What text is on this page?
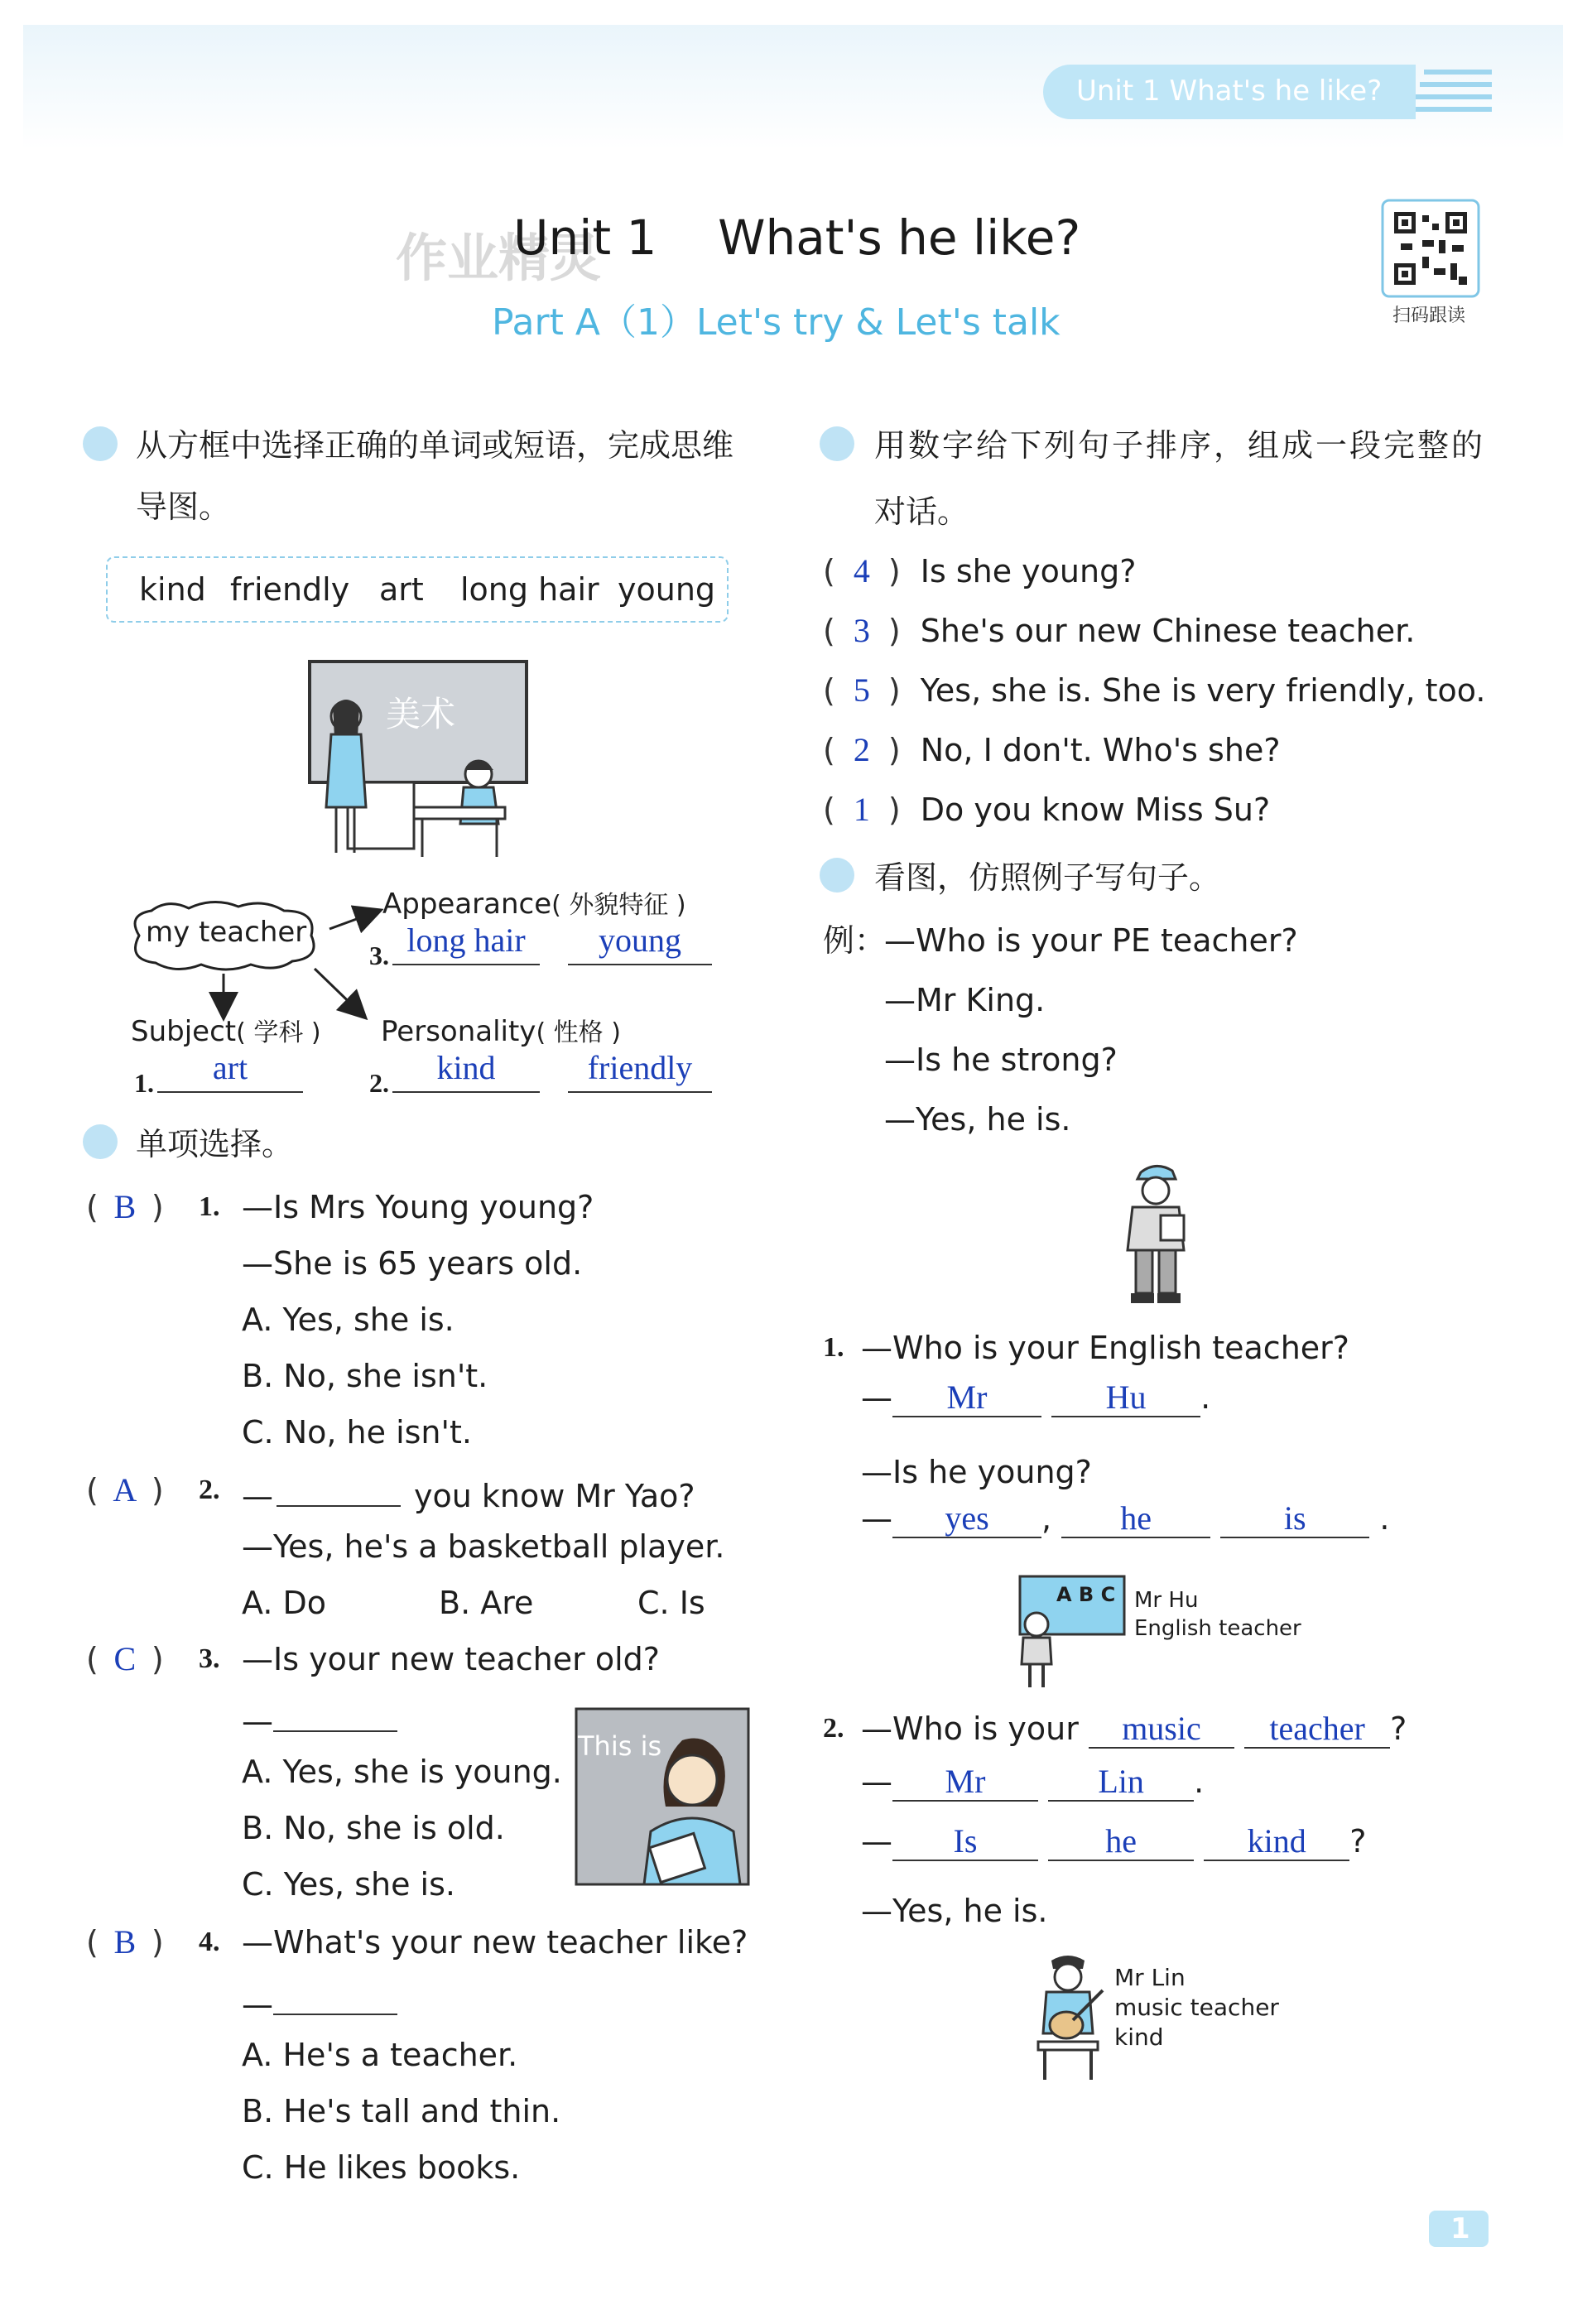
Unit 1 What's he like?
作业精灵
Unit 1    What's he like?
Part A（1）Let's try & Let's talk	扫码跟读
从方框中选择正确的单词或短语，完成思维
导图。
kind friendly art long hair young
美术
my teacher
Appearance( 外貌特征 )
Subject( 学科 ) Personality( 性格 )
3. long hair	young
1.	art	2.	kind	friendly
单项选择。
( B ) 1. —Is Mrs Young young?
—She is 65 years old.
A. Yes, she is.
B. No, she isn't.
C. No, he isn't.
( A ) 2. —	you know Mr Yao?
—Yes, he's a basketball player.
A. Do	B. Are	C. Is
( C ) 3. —Is your new teacher old?
—
A. Yes, she is young.
B. No, she is old.
C. Yes, she is.
This is
( B ) 4. —What's your new teacher like?
—
A. He's a teacher.
B. He's tall and thin.
C. He likes books.
用数字给下列句子排序，组成一段完整的
对话。
( 4 ) Is she young?
( 3 ) She's our new Chinese teacher.
( 5 ) Yes, she is. She is very friendly, too.
( 2 ) No, I don't. Who's she?
( 1 ) Do you know Miss Su?
看图，仿照例子写句子。
例：
—Who is your PE teacher?
—Mr King.
—Is he strong?
—Yes, he is.
1. —Who is your English teacher?
— Mr	Hu .
—Is he young?
— yes , he	is .
A B C Mr Hu
English teacher
2. —Who is your music teacher ?
— Mr	Lin .
— Is	he	kind ?
—Yes, he is.
Mr Lin
music teacher
kind
1
